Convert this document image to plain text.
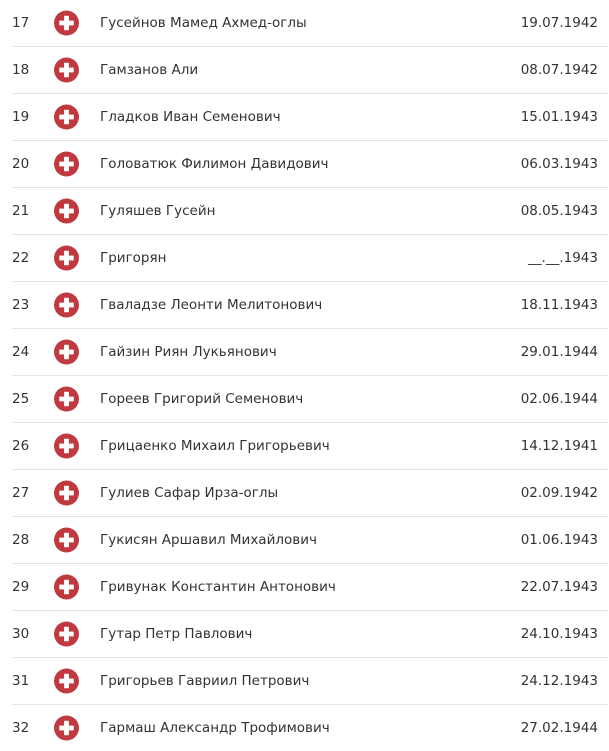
17	Гусейнов Мамед Ахмед-оглы	19.07.1942
18	Гамзанов Али	08.07.1942
19	Гладков Иван Семенович	15.01.1943
20	Головатюк Филимон Давидович	06.03.1943
21	Гуляшев Гусейн	08.05.1943
22	Григорян	__.__.1943
23	Гваладзе Леонти Мелитонович	18.11.1943
24	Гайзин Риян Лукьянович	29.01.1944
25	Гореев Григорий Семенович	02.06.1944
26	Грицаенко Михаил Григорьевич	14.12.1941
27	Гулиев Сафар Ирза-оглы	02.09.1942
28	Гукисян Аршавил Михайлович	01.06.1943
29	Гривунак Константин Антонович	22.07.1943
30	Гутар Петр Павлович	24.10.1943
31	Григорьев Гавриил Петрович	24.12.1943
32	Гармаш Александр Трофимович	27.02.1944
